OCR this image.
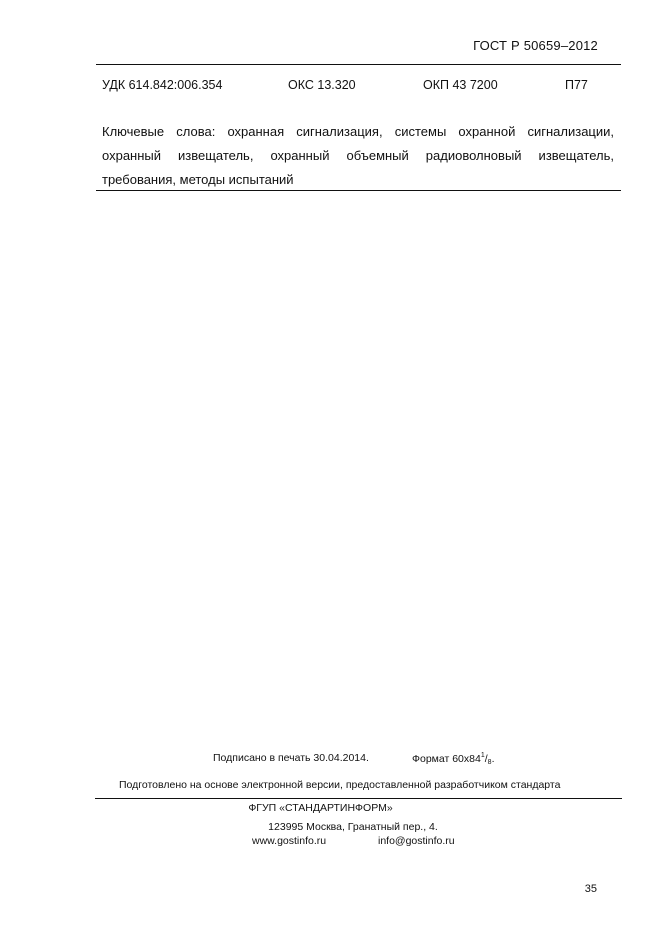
ГОСТ Р 50659–2012
УДК 614.842:006.354	ОКС 13.320	ОКП 43 7200	П77
Ключевые слова: охранная сигнализация, системы охранной сигнализации,
охранный извещатель, охранный объемный радиоволновый извещатель,
требования, методы испытаний
Подписано в печать 30.04.2014.	Формат $60x84^1/_8$.
Подготовлено на основе электронной версии, предоставленной разработчиком стандарта
ФГУП «СТАНДАРТИНФОРМ»
123995 Москва, Гранатный пер., 4.
www.gostinfo.ru	info@gostinfo.ru
35
